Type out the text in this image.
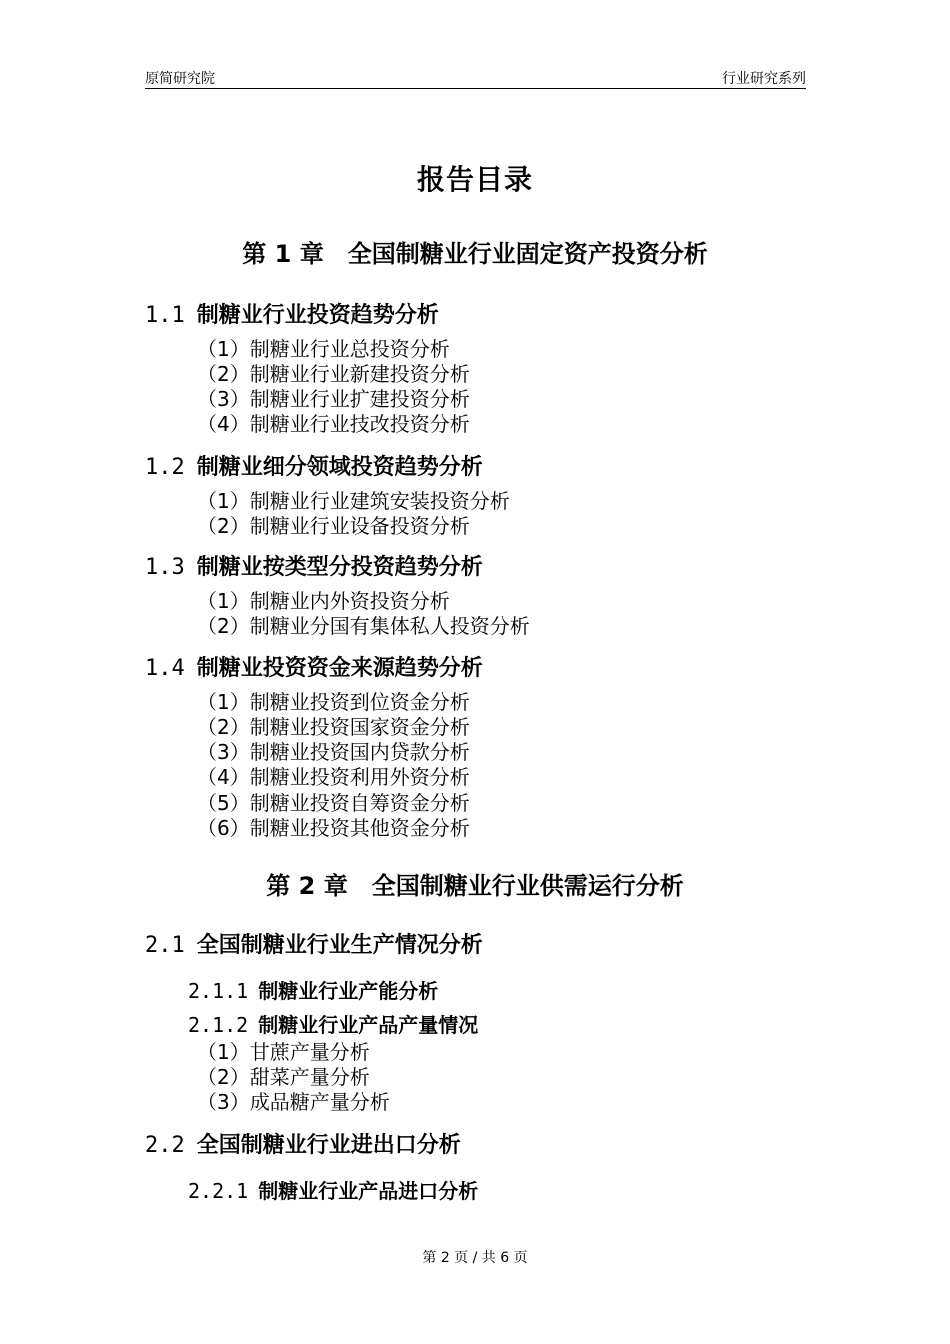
原简研究院	行业研究系列
报告目录
第 1 章　全国制糖业行业固定资产投资分析
1.1 制糖业行业投资趋势分析
（1）制糖业行业总投资分析
（2）制糖业行业新建投资分析
（3）制糖业行业扩建投资分析
（4）制糖业行业技改投资分析
1.2 制糖业细分领域投资趋势分析
（1）制糖业行业建筑安装投资分析
（2）制糖业行业设备投资分析
1.3 制糖业按类型分投资趋势分析
（1）制糖业内外资投资分析
（2）制糖业分国有集体私人投资分析
1.4 制糖业投资资金来源趋势分析
（1）制糖业投资到位资金分析
（2）制糖业投资国家资金分析
（3）制糖业投资国内贷款分析
（4）制糖业投资利用外资分析
（5）制糖业投资自筹资金分析
（6）制糖业投资其他资金分析
第 2 章　全国制糖业行业供需运行分析
2.1 全国制糖业行业生产情况分析
2.1.1 制糖业行业产能分析
2.1.2 制糖业行业产品产量情况
（1）甘蔗产量分析
（2）甜菜产量分析
（3）成品糖产量分析
2.2 全国制糖业行业进出口分析
2.2.1 制糖业行业产品进口分析
第 2 页 / 共 6 页
